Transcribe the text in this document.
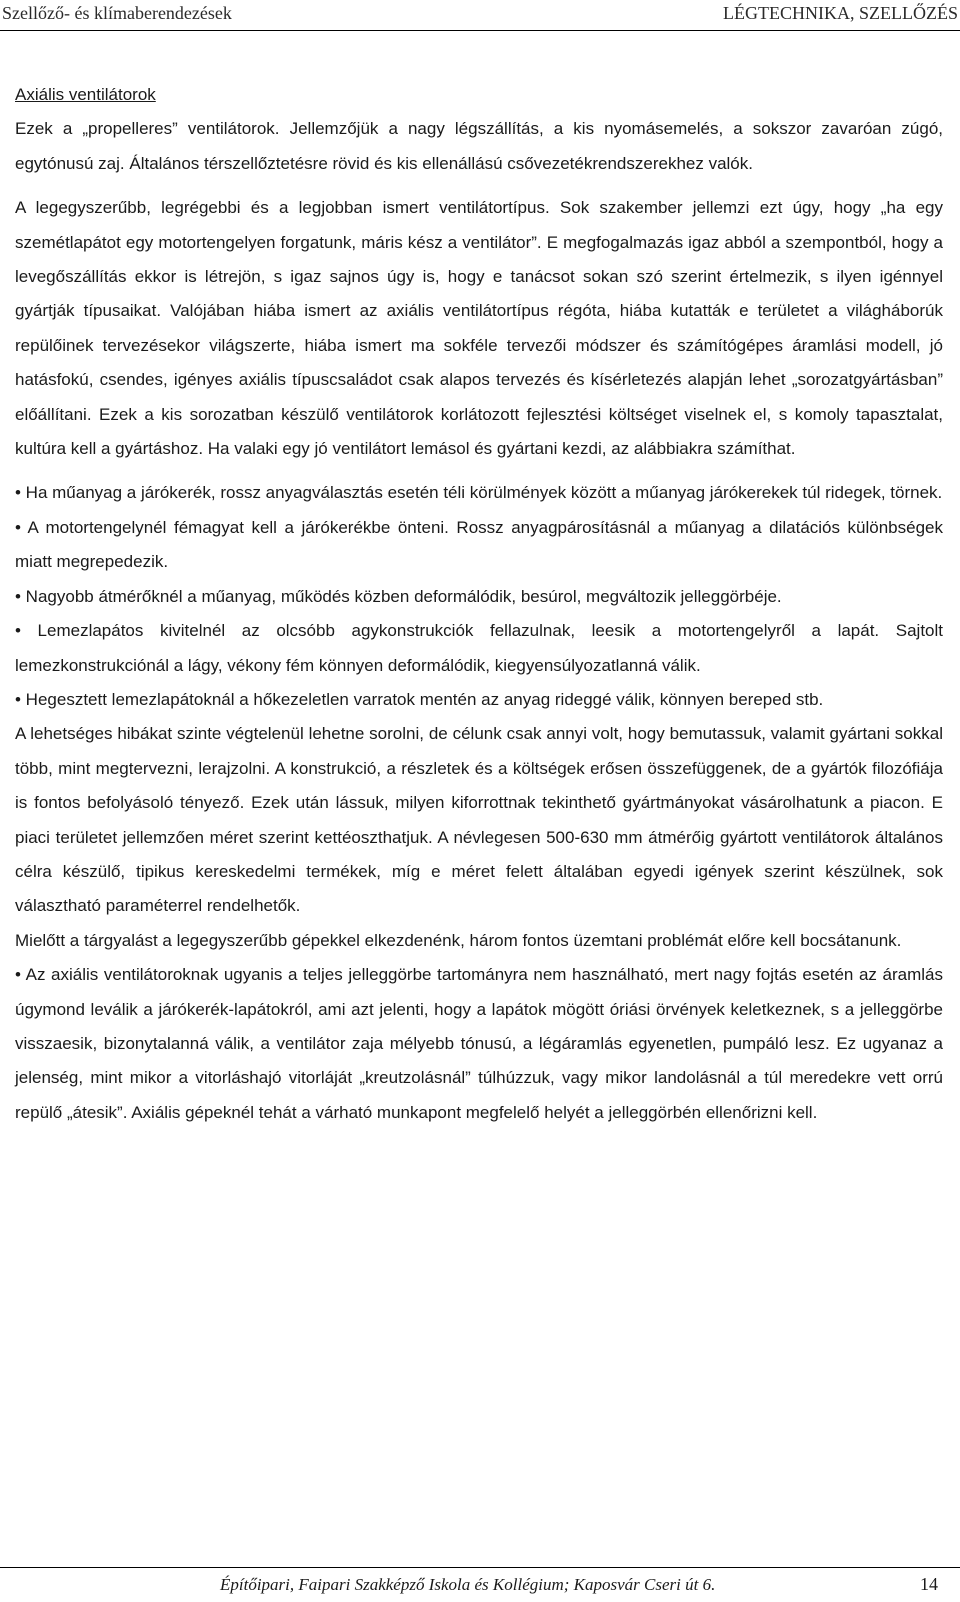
Szellőző- és klímaberendezések	LÉGTECHNIKA, SZELLŐZÉS

Axiális ventilátorok

Ezek a „propelleres” ventilátorok. Jellemzőjük a nagy légszállítás, a kis nyomásemelés, a sokszor zavaróan zúgó, egytónusú zaj. Általános térszellőztetésre rövid és kis ellenállású csővezetékrendszerekhez valók.

A legegyszerűbb, legrégebbi és a legjobban ismert ventilátortípus. Sok szakember jellemzi ezt úgy, hogy „ha egy szemétlapátot egy motortengelyen forgatunk, máris kész a ventilátor”. E megfogalmazás igaz abból a szempontból, hogy a levegőszállítás ekkor is létrejön, s igaz sajnos úgy is, hogy e tanácsot sokan szó szerint értelmezik, s ilyen igénnyel gyártják típusaikat. Valójában hiába ismert az axiális ventilátortípus régóta, hiába kutatták e területet a világháborúk repülőinek tervezésekor világszerte, hiába ismert ma sokféle tervezői módszer és számítógépes áramlási modell, jó hatásfokú, csendes, igényes axiális típuscsaládot csak alapos tervezés és kísérletezés alapján lehet „sorozatgyártásban” előállítani. Ezek a kis sorozatban készülő ventilátorok korlátozott fejlesztési költséget viselnek el, s komoly tapasztalat, kultúra kell a gyártáshoz. Ha valaki egy jó ventilátort lemásol és gyártani kezdi, az alábbiakra számíthat.

• Ha műanyag a járókerék, rossz anyagválasztás esetén téli körülmények között a műanyag járókerekek túl ridegek, törnek.

• A motortengelynél fémagyat kell a járókerékbe önteni. Rossz anyagpárosításnál a műanyag a dilatációs különbségek miatt megrepedezik.

• Nagyobb átmérőknél a műanyag, működés közben deformálódik, besúrol, megváltozik jelleggörbéje.

• Lemezlapátos kivitelnél az olcsóbb agykonstrukciók fellazulnak, leesik a motortengelyről a lapát. Sajtolt lemezkonstrukciónál a lágy, vékony fém könnyen deformálódik, kiegyensúlyozatlanná válik.

• Hegesztett lemezlapátoknál a hőkezeletlen varratok mentén az anyag rideggé válik, könnyen bereped stb.

A lehetséges hibákat szinte végtelenül lehetne sorolni, de célunk csak annyi volt, hogy bemutassuk, valamit gyártani sokkal több, mint megtervezni, lerajzolni. A konstrukció, a részletek és a költségek erősen összefüggenek, de a gyártók filozófiája is fontos befolyásoló tényező. Ezek után lássuk, milyen kiforrottnak tekinthető gyártmányokat vásárolhatunk a piacon. E piaci területet jellemzően méret szerint kettéoszthatjuk. A névlegesen 500-630 mm átmérőig gyártott ventilátorok általános célra készülő, tipikus kereskedelmi termékek, míg e méret felett általában egyedi igények szerint készülnek, sok választható paraméterrel rendelhetők.

Mielőtt a tárgyalást a legegyszerűbb gépekkel elkezdenénk, három fontos üzemtani problémát előre kell bocsátanunk.

• Az axiális ventilátoroknak ugyanis a teljes jelleggörbe tartományra nem használható, mert nagy fojtás esetén az áramlás úgymond leválik a járókerék-lapátokról, ami azt jelenti, hogy a lapátok mögött óriási örvények keletkeznek, s a jelleggörbe visszaesik, bizonytalanná válik, a ventilátor zaja mélyebb tónusú, a légáramlás egyenetlen, pumpáló lesz. Ez ugyanaz a jelenség, mint mikor a vitorláshajó vitorláját „kreutzolásnál” túlhúzzuk, vagy mikor landolásnál a túl meredekre vett orrú repülő „átesik”. Axiális gépeknél tehát a várható munkapont megfelelő helyét a jelleggörbén ellenőrizni kell.

Építőipari, Faipari Szakképző Iskola és Kollégium; Kaposvár Cseri út 6.	14
